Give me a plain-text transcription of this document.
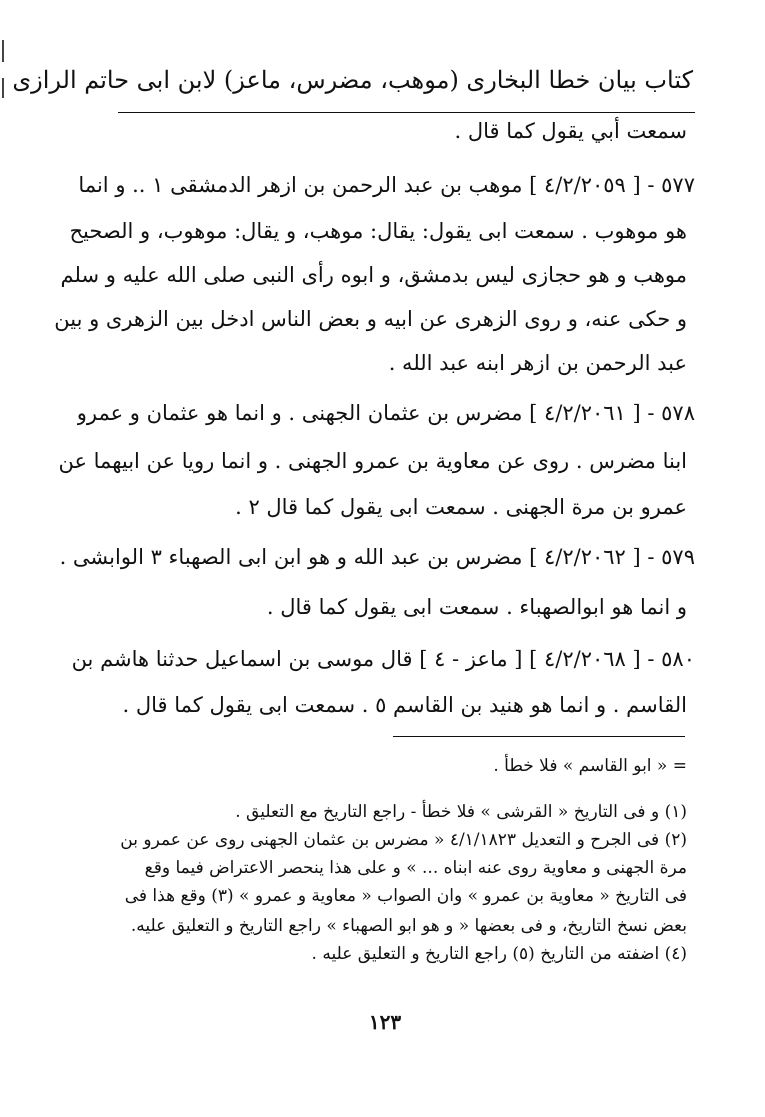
كتاب بيان خطا البخارى (موهب، مضرس، ماعز) لابن ابى حاتم الرازى
سمعت أبي يقول كما قال .
٥٧٧ - [ ٤/٢/٢٠٥٩ ] موهب بن عبد الرحمن بن ازهر الدمشقى ١ .. و انما
هو موهوب . سمعت ابى يقول: يقال: موهب، و يقال: موهوب، و الصحيح
موهب و هو حجازى ليس بدمشق، و ابوه رأى النبى صلى الله عليه و سلم
و حكى عنه، و روى الزهرى عن ابيه و بعض الناس ادخل بين الزهرى و بين
عبد الرحمن بن ازهر ابنه عبد الله .
٥٧٨ - [ ٤/٢/٢٠٦١ ] مضرس بن عثمان الجهنى . و انما هو عثمان و عمرو
ابنا مضرس . روى عن معاوية بن عمرو الجهنى . و انما رويا عن ابيهما عن
عمرو بن مرة الجهنى . سمعت ابى يقول كما قال ٢ .
٥٧٩ - [ ٤/٢/٢٠٦٢ ] مضرس بن عبد الله و هو ابن ابى الصهباء ٣ الوابشى .
و انما هو ابوالصهباء . سمعت ابى يقول كما قال .
٥٨٠ - [ ٤/٢/٢٠٦٨ ] [ ماعز - ٤ ] قال موسى بن اسماعيل حدثنا هاشم بن
القاسم . و انما هو هنيد بن القاسم ٥ . سمعت ابى يقول كما قال .
= « ابو القاسم » فلا خطأ .
(١) و فى التاريخ « القرشى » فلا خطأ - راجع التاريخ مع التعليق .
(٢) فى الجرح و التعديل ٤/١/١٨٢٣ « مضرس بن عثمان الجهنى روى عن عمرو بن
مرة الجهنى و معاوية روى عنه ابناه ... » و على هذا ينحصر الاعتراض فيما وقع
فى التاريخ « معاوية بن عمرو » وان الصواب « معاوية و عمرو » (٣) وقع هذا فى
بعض نسخ التاريخ، و فى بعضها « و هو ابو الصهباء » راجع التاريخ و التعليق عليه.
(٤) اضفته من التاريخ (٥) راجع التاريخ و التعليق عليه .
١٢٣
